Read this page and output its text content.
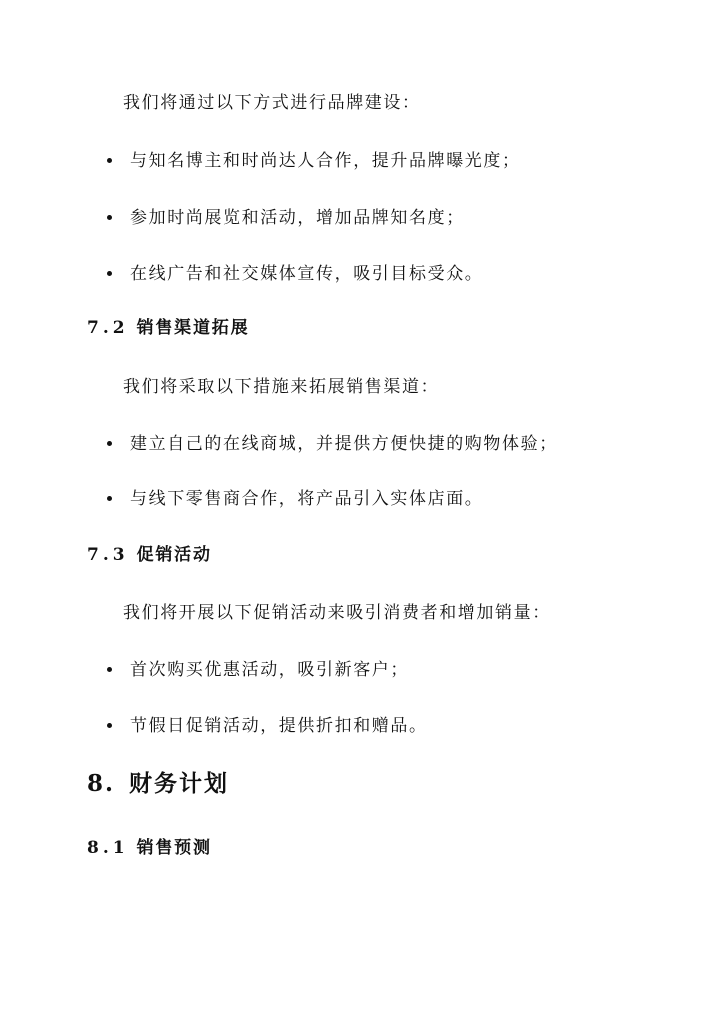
我们将通过以下方式进行品牌建设：
与知名博主和时尚达人合作，提升品牌曝光度；
参加时尚展览和活动，增加品牌知名度；
在线广告和社交媒体宣传，吸引目标受众。
7.2 销售渠道拓展
我们将采取以下措施来拓展销售渠道：
建立自己的在线商城，并提供方便快捷的购物体验；
与线下零售商合作，将产品引入实体店面。
7.3 促销活动
我们将开展以下促销活动来吸引消费者和增加销量：
首次购买优惠活动，吸引新客户；
节假日促销活动，提供折扣和赠品。
8. 财务计划
8.1 销售预测
